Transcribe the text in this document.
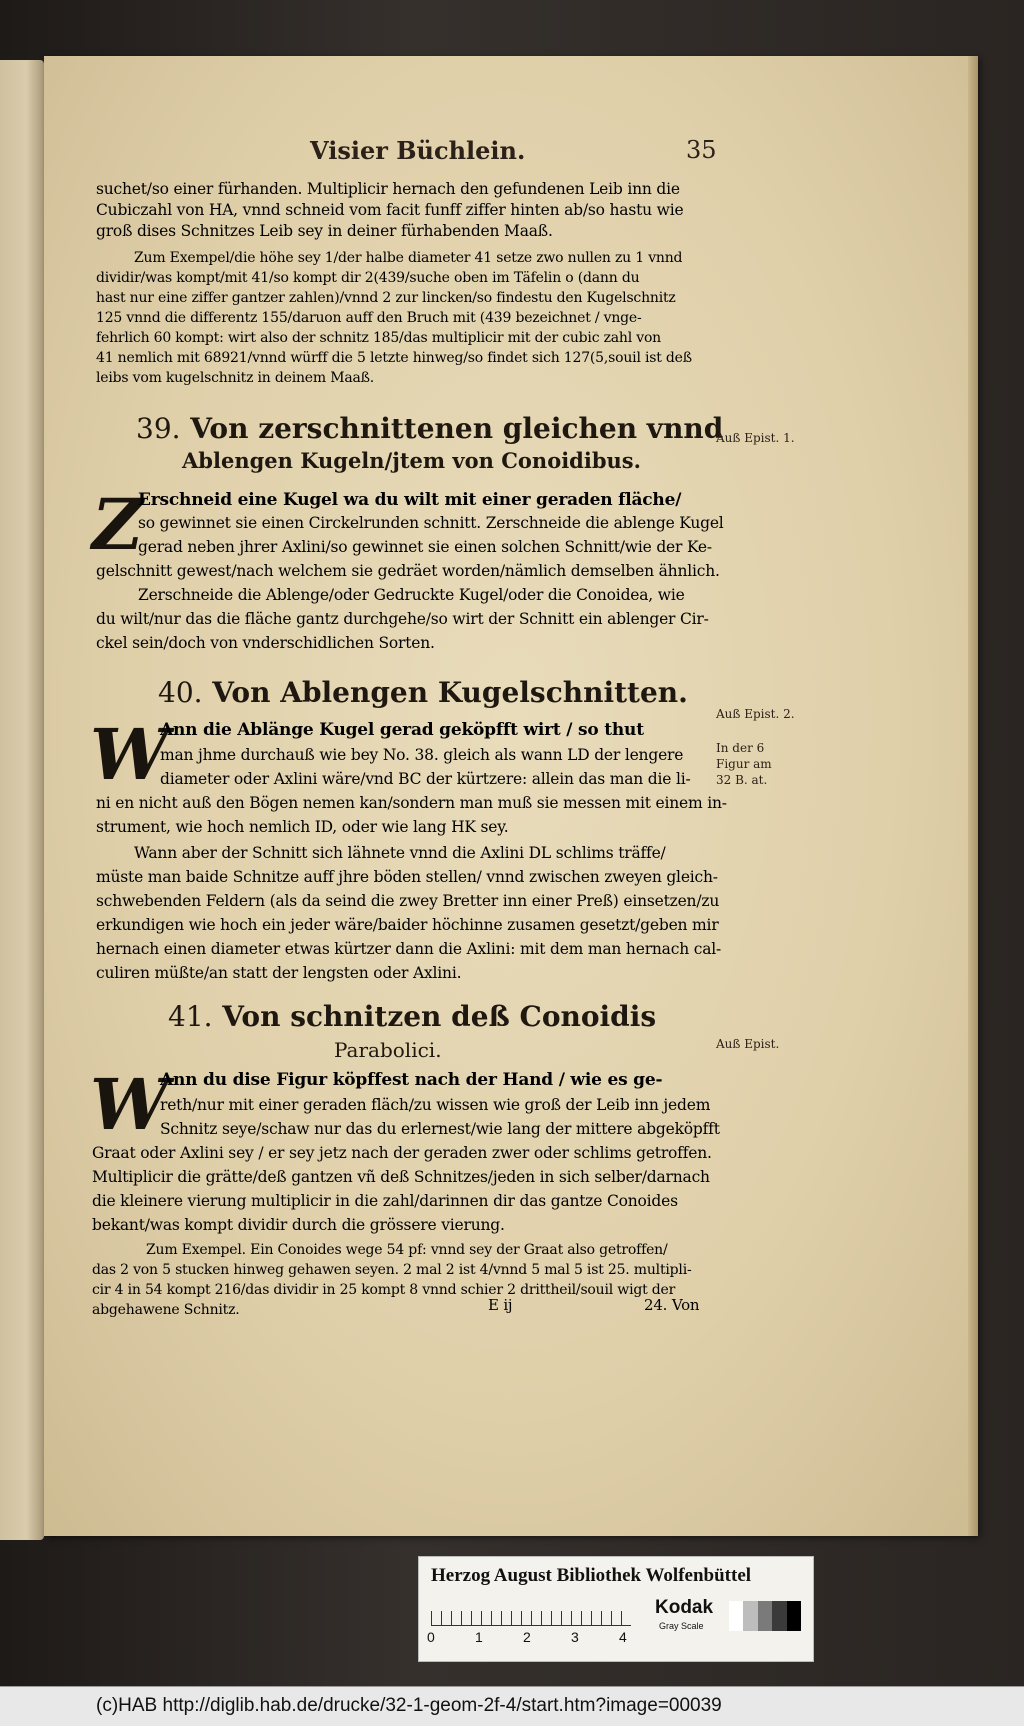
Visier Büchlein.	35
suchet/so einer fürhanden. Multiplicir hernach den gefundenen Leib inn die
Cubiczahl von HA, vnnd schneid vom facit funff ziffer hinten ab/so hastu wie
groß dises Schnitzes Leib sey in deiner fürhabenden Maaß.
Zum Exempel/die höhe sey 1/der halbe diameter 41 setze zwo nullen zu 1 vnnd
dividir/was kompt/mit 41/so kompt dir 2(439/suche oben im Täfelin o (dann du
hast nur eine ziffer gantzer zahlen)/vnnd 2 zur lincken/so findestu den Kugelschnitz
125 vnnd die differentz 155/daruon auff den Bruch mit (439 bezeichnet / vnge-
fehrlich 60 kompt: wirt also der schnitz 185/das multiplicir mit der cubic zahl von
41 nemlich mit 68921/vnnd würff die 5 letzte hinweg/so findet sich 127(5,souil ist deß
leibs vom kugelschnitz in deinem Maaß.
39. Von zerschnittenen gleichen vnnd
Ablengen Kugeln/jtem von Conoidibus.
Auß Epist. 1.
Z
Erschneid eine Kugel wa du wilt mit einer geraden fläche/
so gewinnet sie einen Circkelrunden schnitt. Zerschneide die ablenge Kugel
gerad neben jhrer Axlini/so gewinnet sie einen solchen Schnitt/wie der Ke-
gelschnitt gewest/nach welchem sie gedräet worden/nämlich demselben ähnlich.
Zerschneide die Ablenge/oder Gedruckte Kugel/oder die Conoidea, wie
du wilt/nur das die fläche gantz durchgehe/so wirt der Schnitt ein ablenger Cir-
ckel sein/doch von vnderschidlichen Sorten.
40. Von Ablengen Kugelschnitten.
Auß Epist. 2.
In der 6 Figur am 32 B. at.
W
Ann die Ablänge Kugel gerad geköpfft wirt / so thut
man jhme durchauß wie bey No. 38. gleich als wann LD der lengere
diameter oder Axlini wäre/vnd BC der kürtzere: allein das man die li-
ni en nicht auß den Bögen nemen kan/sondern man muß sie messen mit einem in-
strument, wie hoch nemlich ID, oder wie lang HK sey.
Wann aber der Schnitt sich lähnete vnnd die Axlini DL schlims träffe/
müste man baide Schnitze auff jhre böden stellen/ vnnd zwischen zweyen gleich-
schwebenden Feldern (als da seind die zwey Bretter inn einer Preß) einsetzen/zu
erkundigen wie hoch ein jeder wäre/baider höchinne zusamen gesetzt/geben mir
hernach einen diameter etwas kürtzer dann die Axlini: mit dem man hernach cal-
culiren müßte/an statt der lengsten oder Axlini.
41. Von schnitzen deß Conoidis
Parabolici.	Auß Epist.
W
Ann du dise Figur köpffest nach der Hand / wie es ge-
reth/nur mit einer geraden fläch/zu wissen wie groß der Leib inn jedem
Schnitz seye/schaw nur das du erlernest/wie lang der mittere abgeköpfft
Graat oder Axlini sey / er sey jetz nach der geraden zwer oder schlims getroffen.
Multiplicir die grätte/deß gantzen vñ deß Schnitzes/jeden in sich selber/darnach
die kleinere vierung multiplicir in die zahl/darinnen dir das gantze Conoides
bekant/was kompt dividir durch die grössere vierung.
Zum Exempel. Ein Conoides wege 54 pf: vnnd sey der Graat also getroffen/
das 2 von 5 stucken hinweg gehawen seyen. 2 mal 2 ist 4/vnnd 5 mal 5 ist 25. multipli-
cir 4 in 54 kompt 216/das dividir in 25 kompt 8 vnnd schier 2 drittheil/souil wigt der
abgehawene Schnitz.	E ij	24. Von
Herzog August Bibliothek Wolfenbüttel
0	1	2	3	4
Kodak
Gray Scale
(c)HAB http://diglib.hab.de/drucke/32-1-geom-2f-4/start.htm?image=00039
